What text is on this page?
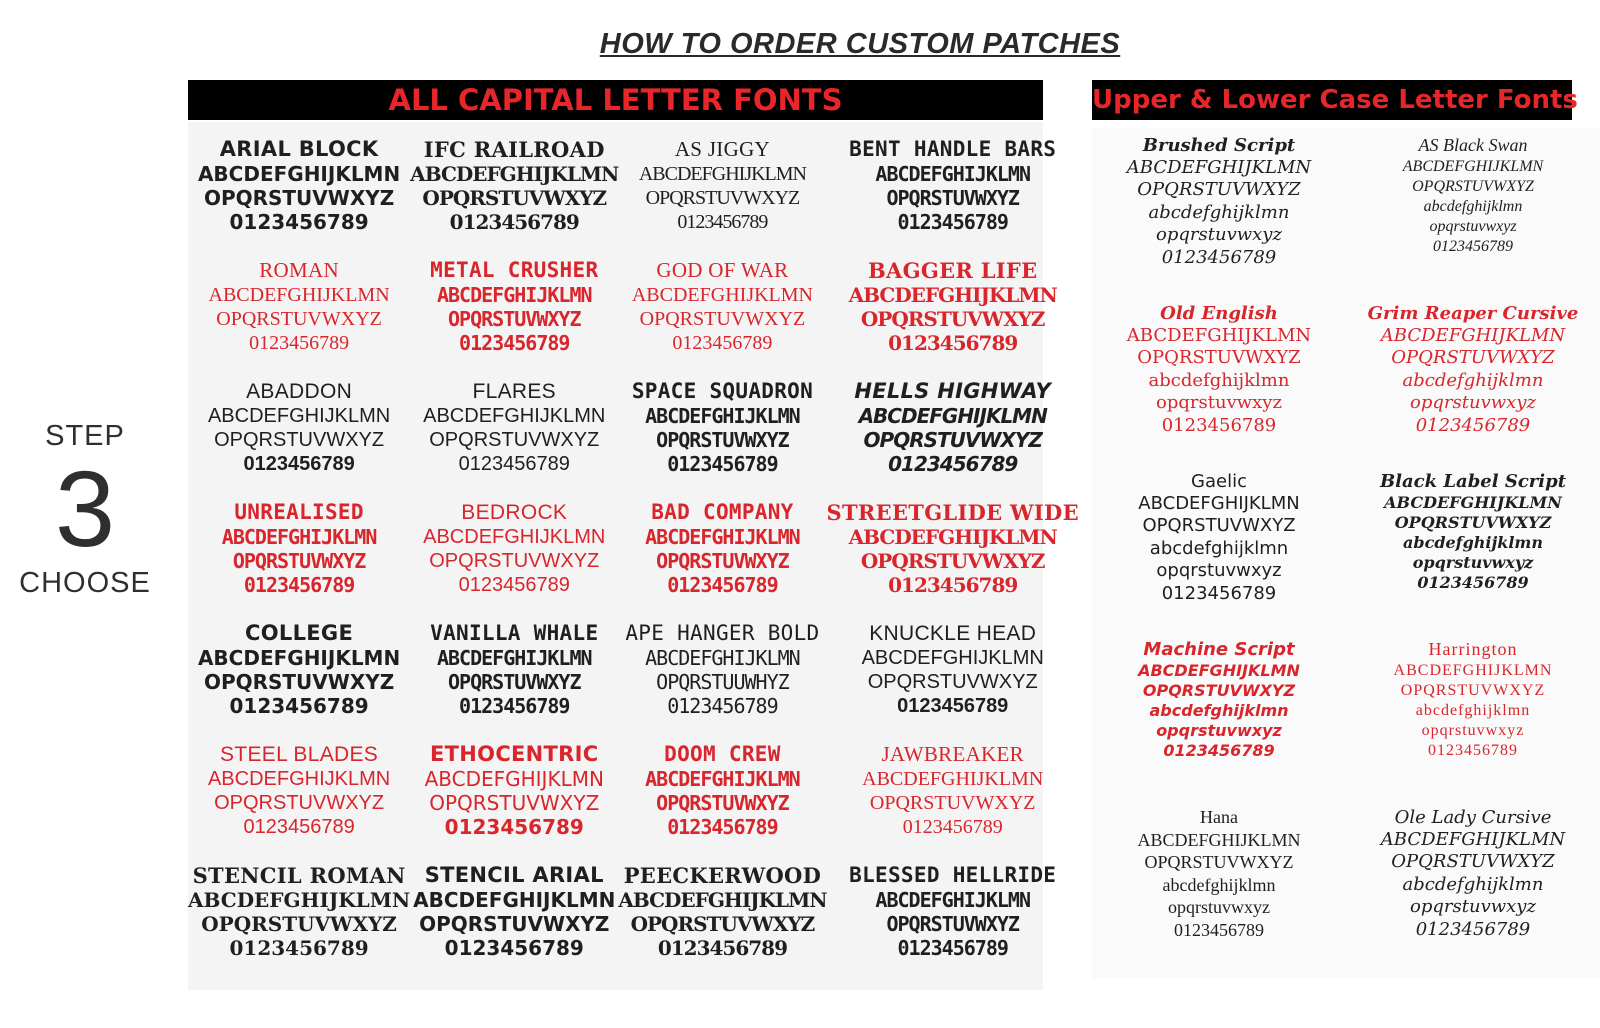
HOW TO ORDER CUSTOM PATCHES
STEP
3
CHOOSE
ALL CAPITAL LETTER FONTS	Upper & Lower Case Letter Fonts
ARIAL BLOCK
ABCDEFGHIJKLMN
OPQRSTUVWXYZ
0123456789
IFC RAILROAD
ABCDEFGHIJKLMN
OPQRSTUVWXYZ
0123456789
AS JIGGY
ABCDEFGHIJKLMN
OPQRSTUVWXYZ
0123456789
BENT HANDLE BARS
ABCDEFGHIJKLMN
OPQRSTUVWXYZ
0123456789
ROMAN
ABCDEFGHIJKLMN
OPQRSTUVWXYZ
0123456789
METAL CRUSHER
ABCDEFGHIJKLMN
OPQRSTUVWXYZ
0123456789
GOD OF WAR
ABCDEFGHIJKLMN
OPQRSTUVWXYZ
0123456789
BAGGER LIFE
ABCDEFGHIJKLMN
OPQRSTUVWXYZ
0123456789
ABADDON
ABCDEFGHIJKLMN
OPQRSTUVWXYZ
0123456789
FLARES
ABCDEFGHIJKLMN
OPQRSTUVWXYZ
0123456789
SPACE SQUADRON
ABCDEFGHIJKLMN
OPQRSTUVWXYZ
0123456789
HELLS HIGHWAY
ABCDEFGHIJKLMN
OPQRSTUVWXYZ
0123456789
UNREALISED
ABCDEFGHIJKLMN
OPQRSTUVWXYZ
0123456789
BEDROCK
ABCDEFGHIJKLMN
OPQRSTUVWXYZ
0123456789
BAD COMPANY
ABCDEFGHIJKLMN
OPQRSTUVWXYZ
0123456789
STREETGLIDE WIDE
ABCDEFGHIJKLMN
OPQRSTUVWXYZ
0123456789
COLLEGE
ABCDEFGHIJKLMN
OPQRSTUVWXYZ
0123456789
VANILLA WHALE
ABCDEFGHIJKLMN
OPQRSTUVWXYZ
0123456789
APE HANGER BOLD
ABCDEFGHIJKLMN
OPQRSTUUWHYZ
0123456789
KNUCKLE HEAD
ABCDEFGHIJKLMN
OPQRSTUVWXYZ
0123456789
STEEL BLADES
ABCDEFGHIJKLMN
OPQRSTUVWXYZ
0123456789
ETHOCENTRIC
ABCDEFGHIJKLMN
OPQRSTUVWXYZ
0123456789
DOOM CREW
ABCDEFGHIJKLMN
OPQRSTUVWXYZ
0123456789
JAWBREAKER
ABCDEFGHIJKLMN
OPQRSTUVWXYZ
0123456789
STENCIL ROMAN
ABCDEFGHIJKLMN
OPQRSTUVWXYZ
0123456789
STENCIL ARIAL
ABCDEFGHIJKLMN
OPQRSTUVWXYZ
0123456789
PEECKERWOOD
ABCDEFGHIJKLMN
OPQRSTUVWXYZ
0123456789
BLESSED HELLRIDE
ABCDEFGHIJKLMN
OPQRSTUVWXYZ
0123456789
Brushed Script
ABCDEFGHIJKLMN
OPQRSTUVWXYZ
abcdefghijklmn
opqrstuvwxyz
0123456789
AS Black Swan
ABCDEFGHIJKLMN
OPQRSTUVWXYZ
abcdefghijklmn
opqrstuvwxyz
0123456789
Old English
ABCDEFGHIJKLMN
OPQRSTUVWXYZ
abcdefghijklmn
opqrstuvwxyz
0123456789
Grim Reaper Cursive
ABCDEFGHIJKLMN
OPQRSTUVWXYZ
abcdefghijklmn
opqrstuvwxyz
0123456789
Gaelic
ABCDEFGHIJKLMN
OPQRSTUVWXYZ
abcdefghijklmn
opqrstuvwxyz
0123456789
Black Label Script
ABCDEFGHIJKLMN
OPQRSTUVWXYZ
abcdefghijklmn
opqrstuvwxyz
0123456789
Machine Script
ABCDEFGHIJKLMN
OPQRSTUVWXYZ
abcdefghijklmn
opqrstuvwxyz
0123456789
Harrington
ABCDEFGHIJKLMN
OPQRSTUVWXYZ
abcdefghijklmn
opqrstuvwxyz
0123456789
Hana
ABCDEFGHIJKLMN
OPQRSTUVWXYZ
abcdefghijklmn
opqrstuvwxyz
0123456789
Ole Lady Cursive
ABCDEFGHIJKLMN
OPQRSTUVWXYZ
abcdefghijklmn
opqrstuvwxyz
0123456789
